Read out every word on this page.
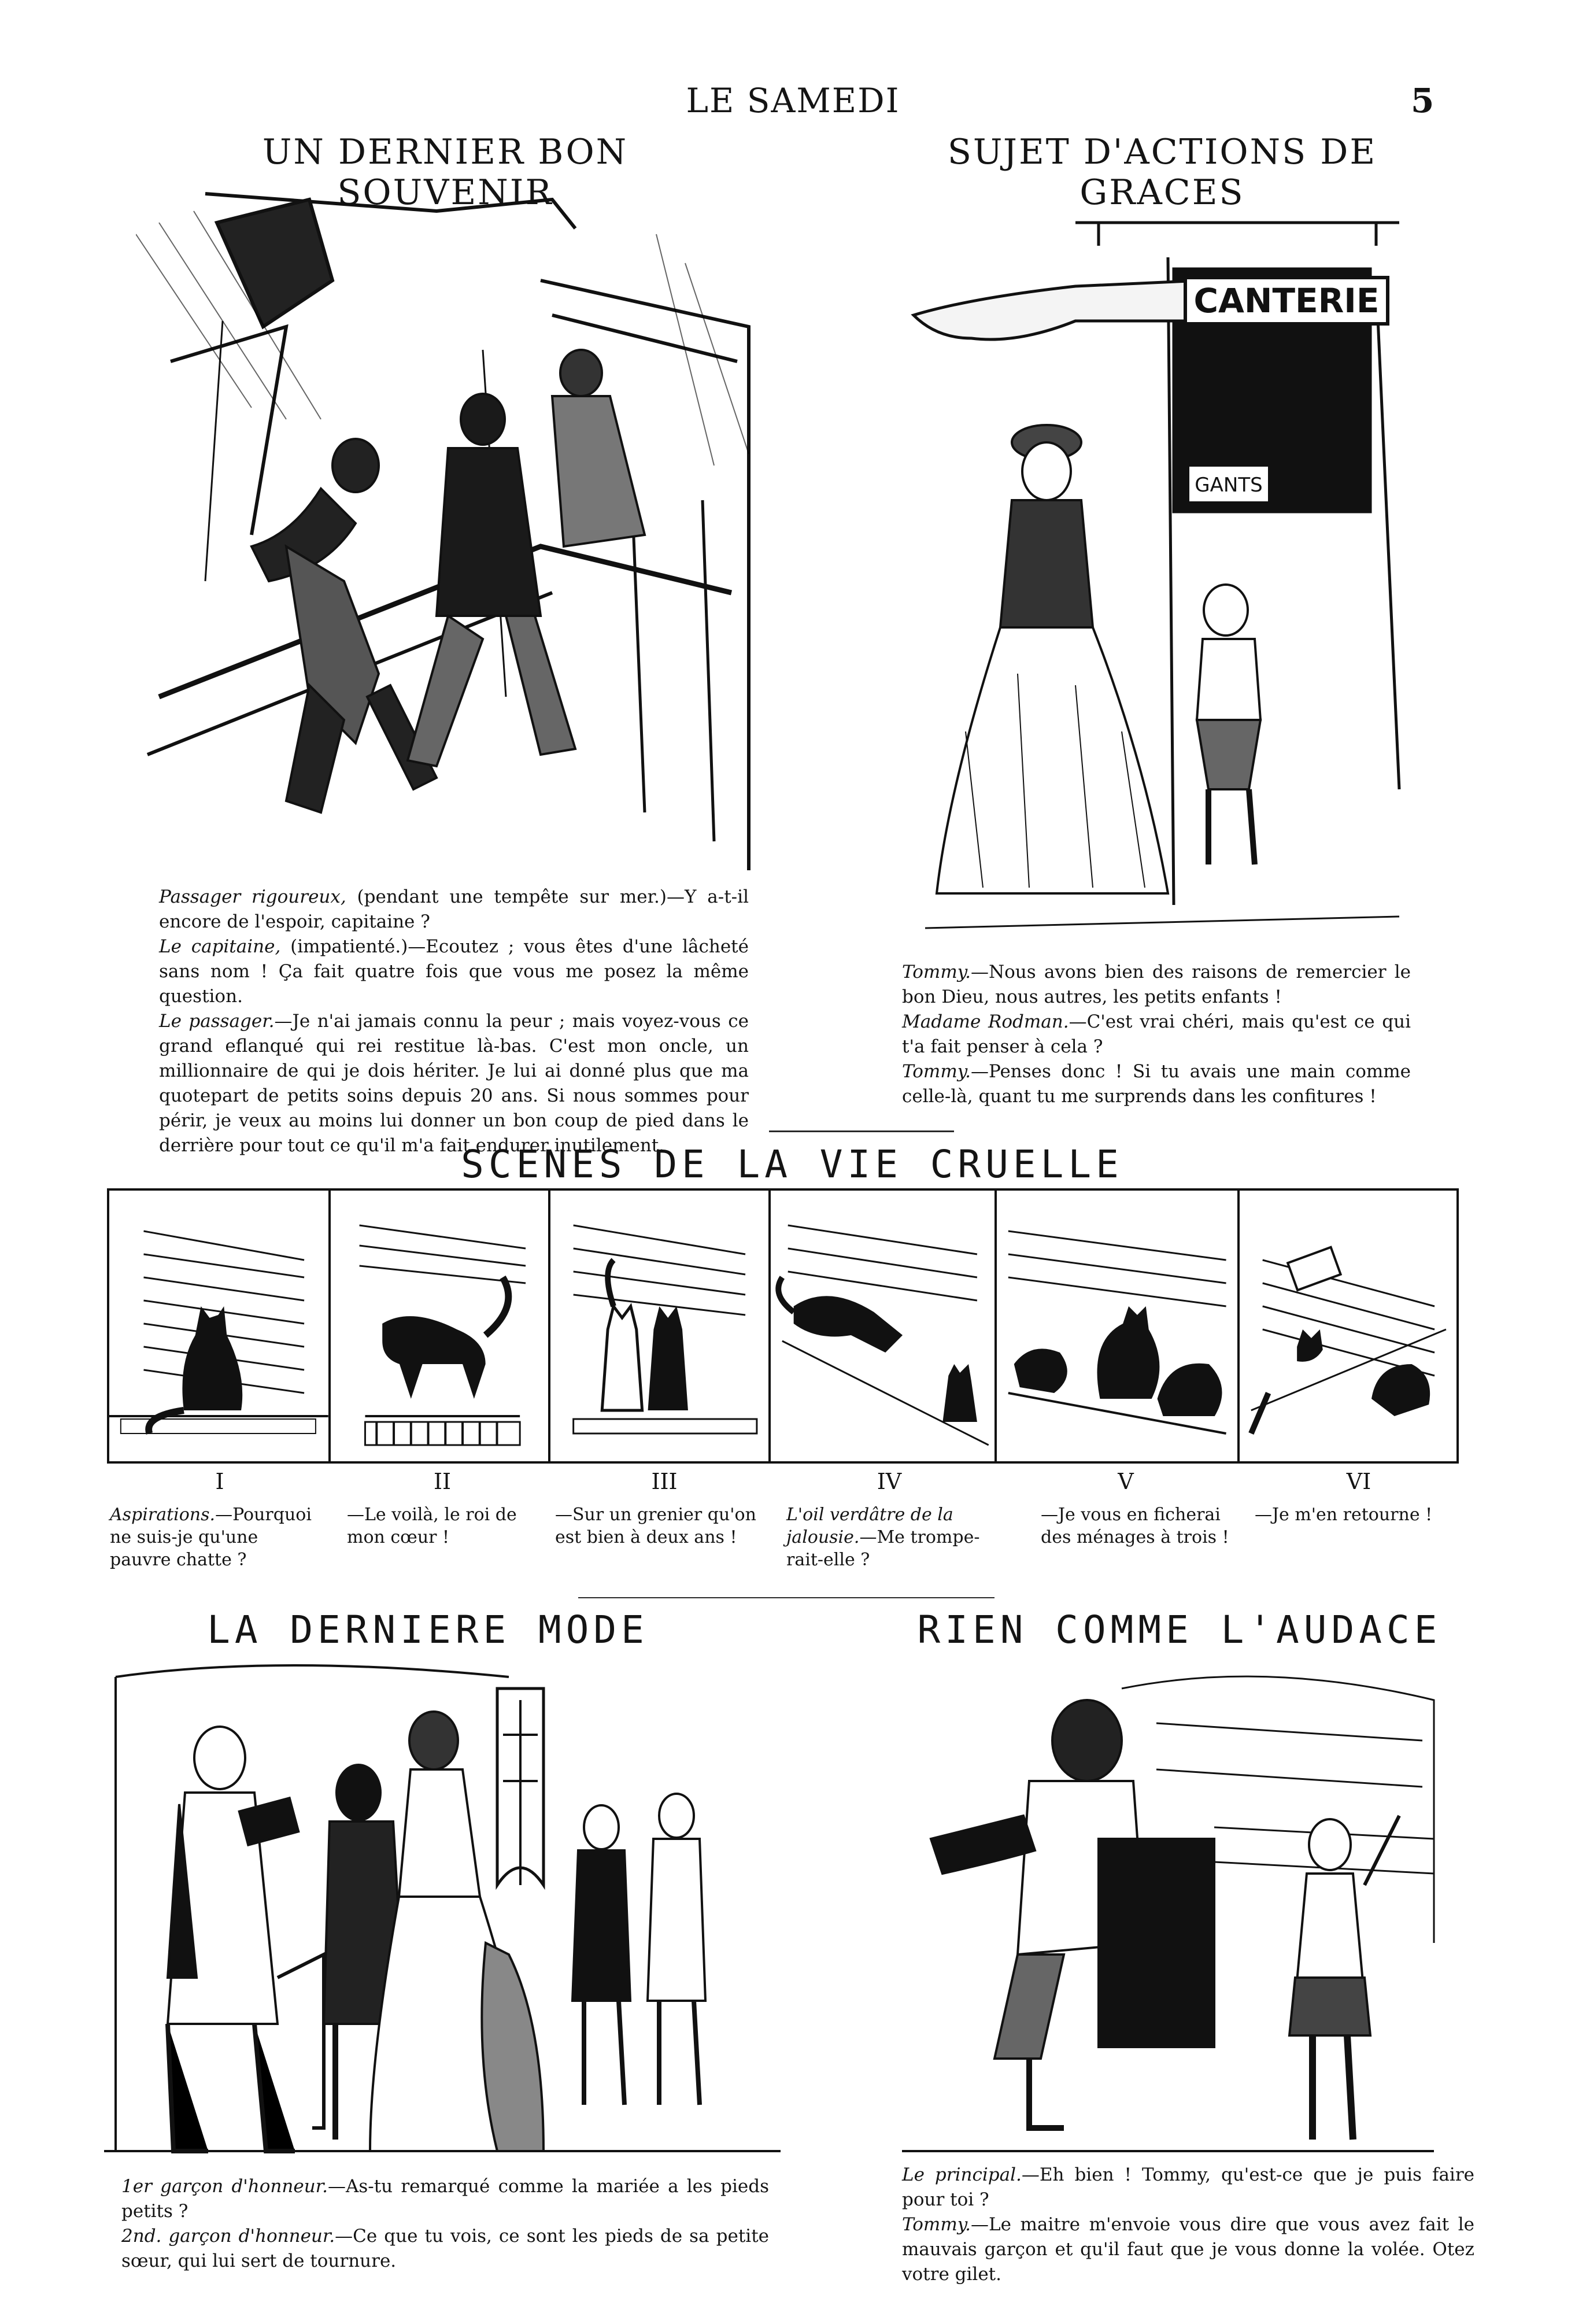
LE SAMEDI	5
UN DERNIER BON SOUVENIR

Passager rigoureux, (pendant une tempête sur mer.)—Y a-t-il encore de l'espoir, capitaine ?

Le capitaine, (impatienté.)—Ecoutez ; vous êtes d'une lâcheté sans nom ! Ça fait quatre fois que vous me posez la même question.

Le passager.—Je n'ai jamais connu la peur ; mais voyez-vous ce grand eflanqué qui rei restitue là-bas. C'est mon oncle, un millionnaire de qui je dois hériter. Je lui ai donné plus que ma quotepart de petits soins depuis 20 ans. Si nous sommes pour périr, je veux au moins lui donner un bon coup de pied dans le derrière pour tout ce qu'il m'a fait endurer inutilement.

SUJET D'ACTIONS DE GRACES
CANTERIE
GANTS

Tommy.—Nous avons bien des raisons de remercier le bon Dieu, nous autres, les petits enfants !

Madame Rodman.—C'est vrai chéri, mais qu'est ce qui t'a fait penser à cela ?

Tommy.—Penses donc ! Si tu avais une main comme celle-là, quant tu me surprends dans les confitures !

SCENES DE LA VIE CRUELLE
I	II	III	IV	V	VI
Aspirations.—Pourquoi ne suis-je qu'une pauvre chatte ?
—Le voilà, le roi de mon cœur !
—Sur un grenier qu'on est bien à deux ans !
L'oil verdâtre de la jalousie.—Me trompe-rait-elle ?
—Je vous en ficherai des ménages à trois !
—Je m'en retourne !
LA DERNIERE MODE

1er garçon d'honneur.—As-tu remarqué comme la mariée a les pieds petits ?

2nd. garçon d'honneur.—Ce que tu vois, ce sont les pieds de sa petite sœur, qui lui sert de tournure.

RIEN COMME L'AUDACE

Le principal.—Eh bien ! Tommy, qu'est-ce que je puis faire pour toi ?

Tommy.—Le maitre m'envoie vous dire que vous avez fait le mauvais garçon et qu'il faut que je vous donne la volée. Otez votre gilet.
